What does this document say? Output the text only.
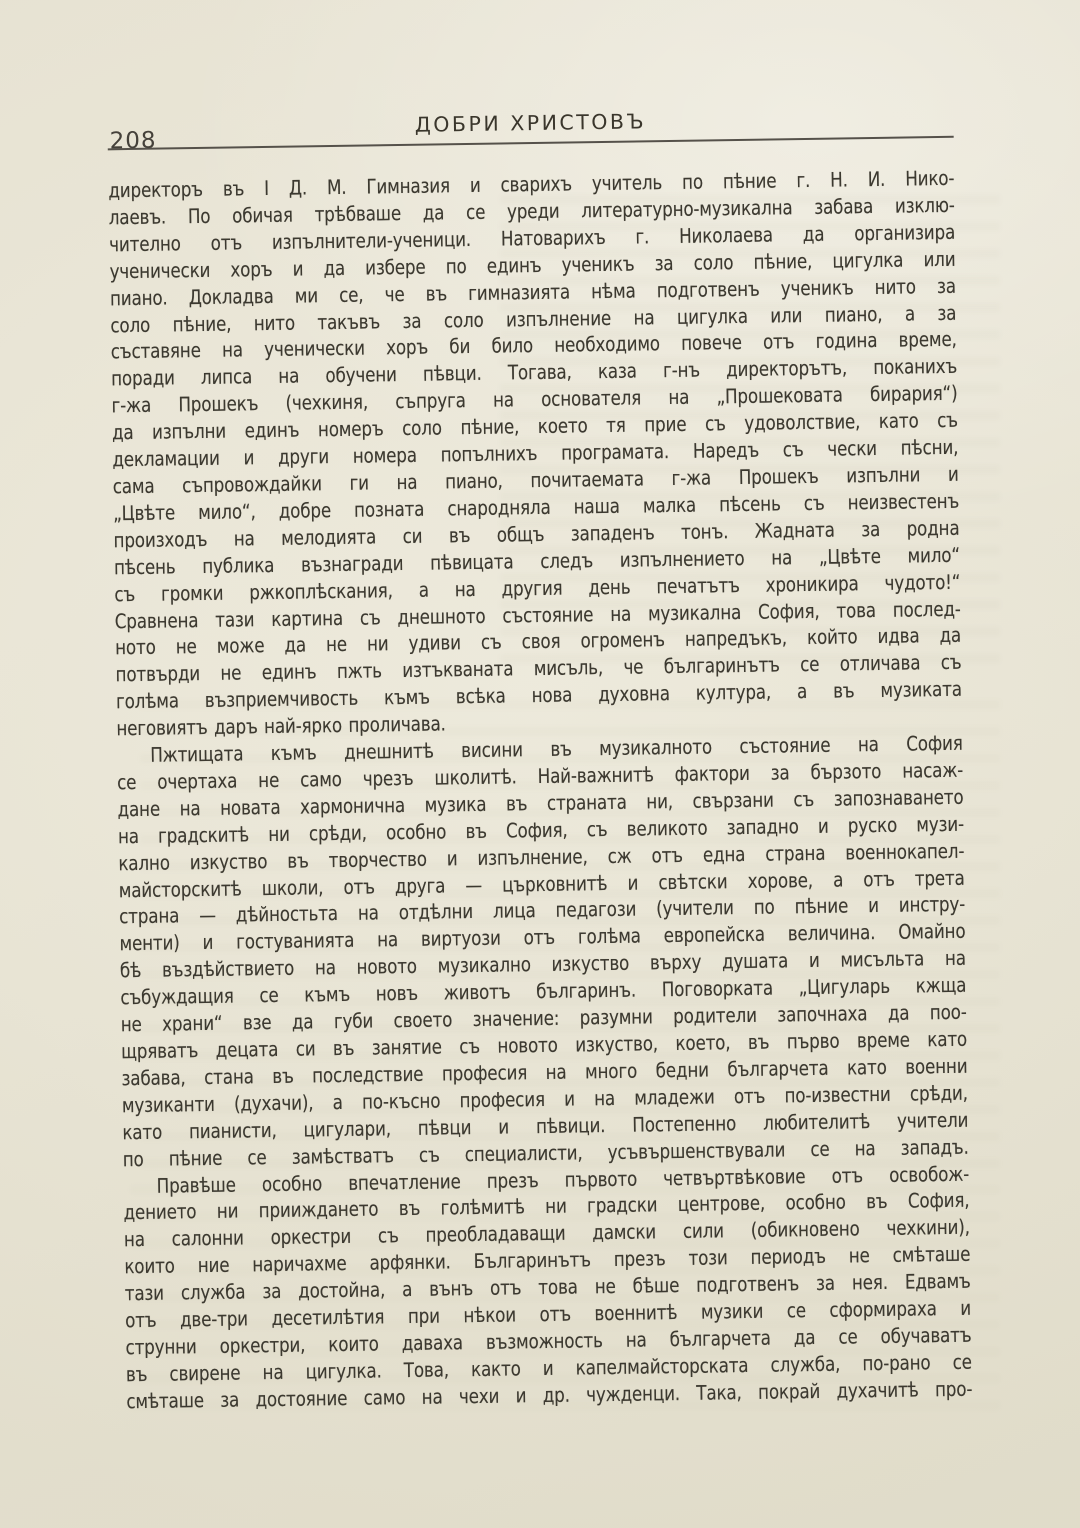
208
ДОБРИ ХРИСТОВЪ
директоръ въ I Д. М. Гимназия и сварихъ учитель по пѣние г. Н. И. Нико-
лаевъ. По обичая трѣбваше да се уреди литературно-музикална забава изклю-
чително отъ изпълнители-ученици. Натоварихъ г. Николаева да организира
ученически хоръ и да избере по единъ ученикъ за соло пѣние, цигулка или
пиано. Докладва ми се, че въ гимназията нѣма подготвенъ ученикъ нито за
соло пѣние, нито такъвъ за соло изпълнение на цигулка или пиано, а за
съставяне на ученически хоръ би било необходимо повече отъ година време,
поради липса на обучени пѣвци. Тогава, каза г-нъ директорътъ, поканихъ
г-жа Прошекъ (чехкиня, съпруга на основателя на „Прошековата бирария“)
да изпълни единъ номеръ соло пѣние, което тя прие съ удоволствие, като съ
декламации и други номера попълнихъ програмата. Наредъ съ чески пѣсни,
сама съпровождайки ги на пиано, почитаемата г-жа Прошекъ изпълни и
„Цвѣте мило“, добре позната снародняла наша малка пѣсень съ неизвестенъ
произходъ на мелодията си въ общъ западенъ тонъ. Жадната за родна
пѣсень публика възнагради пѣвицата следъ изпълнението на „Цвѣте мило“
съ громки ржкоплѣскания, а на другия день печатътъ хроникира чудото!“
Сравнена тази картина съ днешното състояние на музикална София, това послед-
ното не може да не ни удиви съ своя огроменъ напредъкъ, който идва да
потвърди не единъ пжть изтъкваната мисъль, че българинътъ се отличава съ
голѣма възприемчивость къмъ всѣка нова духовна култура, а въ музиката
неговиятъ даръ най-ярко проличава.
Пжтищата къмъ днешнитѣ висини въ музикалното състояние на София
се очертаха не само чрезъ школитѣ. Най-важнитѣ фактори за бързото насаж-
дане на новата хармонична музика въ страната ни, свързани съ запознаването
на градскитѣ ни срѣди, особно въ София, съ великото западно и руско музи-
кално изкуство въ творчество и изпълнение, сж отъ една страна военнокапел-
майсторскитѣ школи, отъ друга — църковнитѣ и свѣтски хорове, а отъ трета
страна — дѣйностьта на отдѣлни лица педагози (учители по пѣние и инстру-
менти) и гостуванията на виртуози отъ голѣма европейска величина. Омайно
бѣ въздѣйствието на новото музикално изкуство върху душата и мисъльта на
събуждащия се къмъ новъ животъ българинъ. Поговорката „Цигуларь кжща
не храни“ взе да губи своето значение: разумни родители започнаха да поо-
щряватъ децата си въ занятие съ новото изкуство, което, въ първо време като
забава, стана въ последствие професия на много бедни българчета като военни
музиканти (духачи), а по-късно професия и на младежи отъ по-известни срѣди,
като пианисти, цигулари, пѣвци и пѣвици. Постепенно любителитѣ учители
по пѣние се замѣстватъ съ специалисти, усъвършенствували се на западъ.
Правѣше особно впечатление презъ първото четвъртвѣковие отъ освобож-
дението ни прииждането въ голѣмитѣ ни градски центрове, особно въ София,
на салонни оркестри съ преобладаващи дамски сили (обикновено чехкини),
които ние наричахме арфянки. Българинътъ презъ този периодъ не смѣташе
тази служба за достойна, а вънъ отъ това не бѣше подготвенъ за нея. Едвамъ
отъ две-три десетилѣтия при нѣкои отъ военнитѣ музики се сформираха и
струнни оркестри, които даваха възможность на българчета да се обучаватъ
въ свирене на цигулка. Това, както и капелмайсторската служба, по-рано се
смѣташе за достояние само на чехи и др. чужденци. Така, покрай духачитѣ про-
